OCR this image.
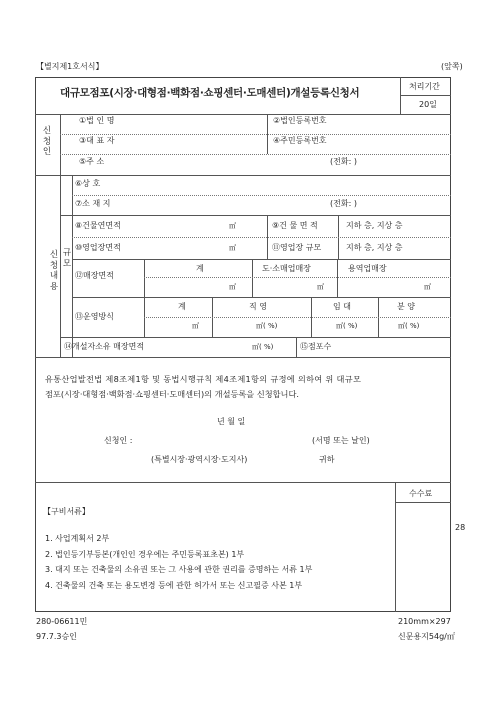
【별지제1호서식】	(앞쪽)
대규모점포(시장·대형점·백화점·쇼핑센터·도매센터)개설등록신청서
처리기간
20일
신청인
①법 인 명	②법인등록번호
③대 표 자	④주민등록번호
⑤주 소	(전화: )
신청내용
⑥상 호
⑦소 재 지	(전화: )
규모
⑧건물연면적	㎡	⑨건 물 면 적	지하 층, 지상 층
⑩영업장면적	㎡	⑪영업장 규모	지하 층, 지상 층
⑫매장면적
계	도·소매업매장	용역업매장
㎡	㎡	㎡
⑬운영방식
계	직 영	임 대	분 양
㎡	㎡( %)	㎡( %)	㎡( %)
⑭개설자소유 매장면적	㎡( %)	⑮점포수
유통산업발전법 제8조제1항 및 동법시행규칙 제4조제1항의 규정에 의하여 위 대규모
점포(시장·대형점·백화점·쇼핑센터·도매센터)의 개설등록을 신청합니다.
년 월 일
신청인 :	(서명 또는 날인)
(특별시장·광역시장·도지사)	귀하
수수료
【구비서류】
1. 사업계획서 2부
2. 법인등기부등본(개인인 경우에는 주민등록표초본) 1부
3. 대지 또는 건축물의 소유권 또는 그 사용에 관한 권리를 증명하는 서류 1부
4. 건축물의 건축 또는 용도변경 등에 관한 허가서 또는 신고필증 사본 1부
28
280-06611민
97.7.3승인
210mm×297
신문용지54g/㎡
